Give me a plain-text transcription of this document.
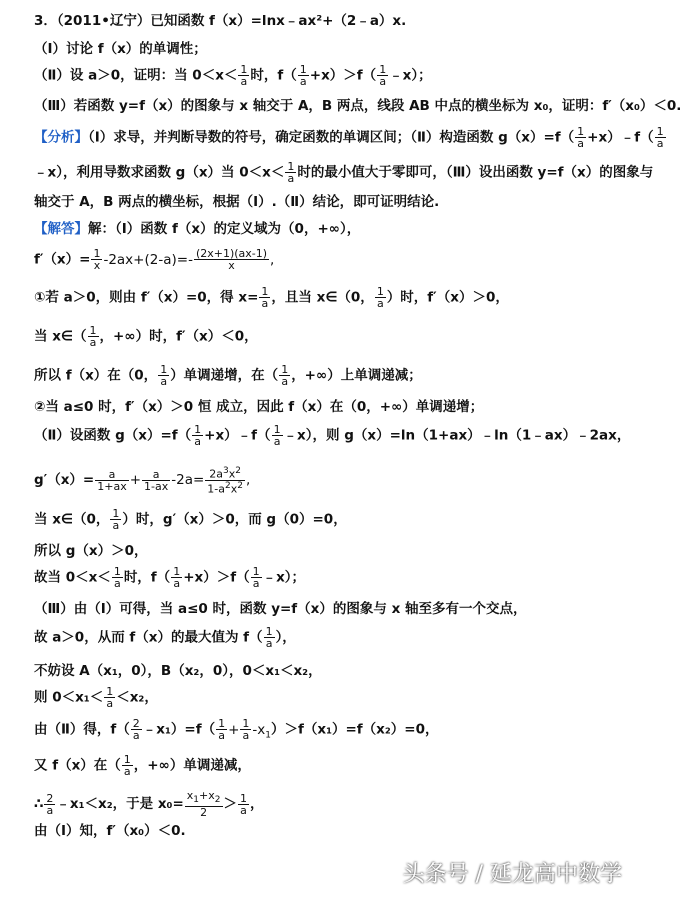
3．（2011•辽宁）已知函数 f（x）=lnx﹣ax²+（2﹣a）x.
（Ⅰ）讨论 f（x）的单调性；
（Ⅱ）设 a＞0，证明：当 $0<x< \frac{1}{a}$ 时，$f( \frac{1}{a} +x)>f( \frac{1}{a}$ ﹣x）；
（Ⅲ）若函数 y=f（x）的图象与 x 轴交于 A，B 两点，线段 AB 中点的横坐标为 x₀，证明：f′（x₀）＜0.
【分析】（Ⅰ）求导，并判断导数的符号，确定函数的单调区间；（Ⅱ）构造函数 $g(x)=f( \frac{1}{a}$ +x）﹣f（ $\frac{1}{a}$
﹣x），利用导数求函数 g（x）当 $0<x< \frac{1}{a}$ 时的最小值大于零即可，（Ⅲ）设出函数 y=f（x）的图象与
轴交于 A，B 两点的横坐标，根据（Ⅰ）.（Ⅱ）结论，即可证明结论.
【解答】解：（Ⅰ）函数 f（x）的定义域为（0，+∞），
$f'(x)= \frac{1}{x} -2ax+(2-a)=- \frac{(2x+1)(ax-1)}{x}$ ,
①若 a＞0，则由 f′（x）=0，得 $x= \frac{1}{a}$ ，且当 x∈（0， $\frac{1}{a}$ ）时，f′（x）＞0，
当 x∈（ $\frac{1}{a}$ ，+∞）时，f′（x）＜0，
所以 f（x）在（0， $\frac{1}{a}$ ）单调递增，在（ $\frac{1}{a}$ ，+∞）上单调递减；
②当 a≤0 时，f′（x）＞0 恒 成立，因此 f（x）在（0，+∞）单调递增；
（Ⅱ）设函数 $g(x)=f( \frac{1}{a}$ +x）﹣f（ $\frac{1}{a}$ ﹣x），则 g（x）=ln（1+ax）﹣ln（1﹣ax）﹣2ax，
$g'(x)= \frac{a}{1+ax} + \frac{a}{1-ax} -2a= \frac{2a^3x^2}{1-a^2x^2}$ ,
当 x∈（0， $\frac{1}{a}$ ）时，g′（x）＞0，而 g（0）=0，
所以 g（x）＞0，
故当 $0<x< \frac{1}{a}$ 时，$f( \frac{1}{a} +x)>f( \frac{1}{a}$ ﹣x）；
（Ⅲ）由（Ⅰ）可得，当 a≤0 时，函数 y=f（x）的图象与 x 轴至多有一个交点，
故 a＞0，从而 f（x）的最大值为 $f( \frac{1}{a}$ ），
不妨设 A（x₁，0），B（x₂，0），0＜x₁＜x₂，
则 $0<x_1< \frac{1}{a} <x_2$，
由（Ⅱ）得，$f( \frac{2}{a}$ ﹣x₁）=f（ $\frac{1}{a} + \frac{1}{a} -x_1)>f(x_1)=f(x_2)=0$，
又 f（x）在（ $\frac{1}{a}$ ，+∞）单调递减，
∴ $\frac{2}{a}$ ﹣x₁＜x₂，于是 $x_0= \frac{x_1+x_2}{2} > \frac{1}{a}$ ，
由（Ⅰ）知，f′（x₀）＜0.
头条号 / 延龙高中数学
